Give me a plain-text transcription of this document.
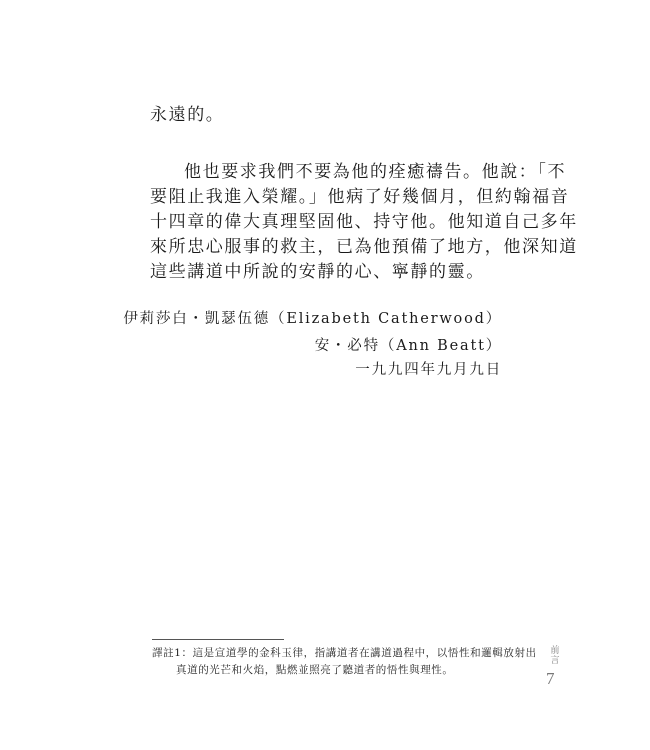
永遠的。

他也要求我們不要為他的痊癒禱告。他說：「不
要阻止我進入榮耀。」他病了好幾個月，但約翰福音
十四章的偉大真理堅固他、持守他。他知道自己多年
來所忠心服事的救主，已為他預備了地方，他深知道
這些講道中所說的安靜的心、寧靜的靈。

伊莉莎白・凱瑟伍德（Elizabeth Catherwood）
安・必特（Ann Beatt）
一九九四年九月九日
譯註1：這是宣道學的金科玉律，指講道者在講道過程中，以悟性和邏輯放射出
真道的光芒和火焰，點燃並照亮了聽道者的悟性與理性。
前言
7
